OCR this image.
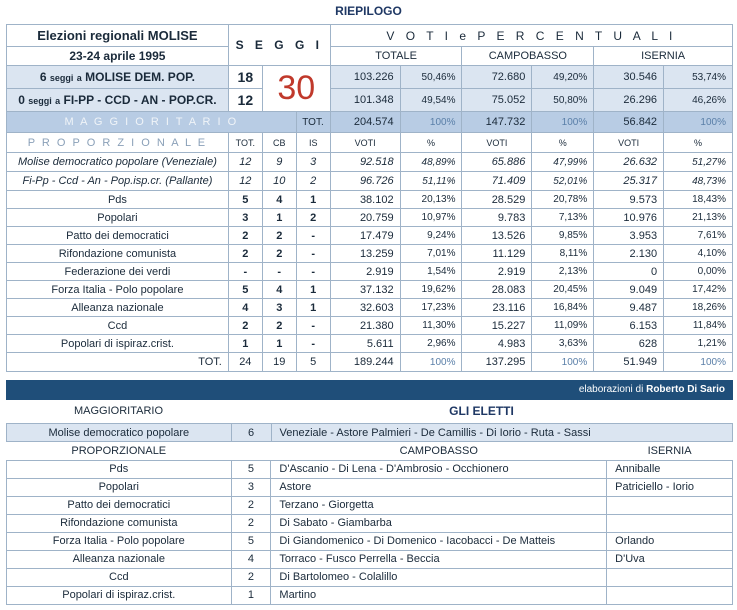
RIEPILOGO
Elezioni regionali MOLISE	S E G G I			V O T I e P E R C E N T U A L I					
23-24 aprile 1995				TOTALE		CAMPOBASSO		ISERNIA	
6 seggi a MOLISE DEM. POP.	18	30		103.226	50,46%	72.680	49,20%	30.546	53,74%
0 seggi a FI-PP - CCD - AN - POP.CR.	12			101.348	49,54%	75.052	50,80%	26.296	46,26%
M A G G I O R I T A R I O			TOT.	204.574	100%	147.732	100%	56.842	100%
P R O P O R Z I O N A L E	TOT.	CB	IS	VOTI	%	VOTI	%	VOTI	%
Molise democratico popolare (Veneziale)	12	9	3	92.518	48,89%	65.886	47,99%	26.632	51,27%
Fi-Pp - Ccd - An - Pop.isp.cr. (Pallante)	12	10	2	96.726	51,11%	71.409	52,01%	25.317	48,73%
Pds	5	4	1	38.102	20,13%	28.529	20,78%	9.573	18,43%
Popolari	3	1	2	20.759	10,97%	9.783	7,13%	10.976	21,13%
Patto dei democratici	2	2	-	17.479	9,24%	13.526	9,85%	3.953	7,61%
Rifondazione comunista	2	2	-	13.259	7,01%	11.129	8,11%	2.130	4,10%
Federazione dei verdi	-	-	-	2.919	1,54%	2.919	2,13%	0	0,00%
Forza Italia - Polo popolare	5	4	1	37.132	19,62%	28.083	20,45%	9.049	17,42%
Alleanza nazionale	4	3	1	32.603	17,23%	23.116	16,84%	9.487	18,26%
Ccd	2	2	-	21.380	11,30%	15.227	11,09%	6.153	11,84%
Popolari di ispiraz.crist.	1	1	-	5.611	2,96%	4.983	3,63%	628	1,21%
TOT.	24	19	5	189.244	100%	137.295	100%	51.949	100%
elaborazioni di Roberto Di Sario
MAGGIORITARIO	GLI ELETTI
Molise democratico popolare	6	Veneziale - Astore Palmieri - De Camillis - Di Iorio - Ruta - Sassi
PROPORZIONALE		CAMPOBASSO	ISERNIA
Pds	5	D'Ascanio - Di Lena - D'Ambrosio - Occhionero	Anniballe
Popolari	3	Astore	Patriciello - Iorio
Patto dei democratici	2	Terzano - Giorgetta	
Rifondazione comunista	2	Di Sabato - Giambarba	
Forza Italia - Polo popolare	5	Di Giandomenico - Di Domenico - Iacobacci - De Matteis	Orlando
Alleanza nazionale	4	Torraco - Fusco Perrella - Beccia	D'Uva
Ccd	2	Di Bartolomeo - Colalillo	
Popolari di ispiraz.crist.	1	Martino	
